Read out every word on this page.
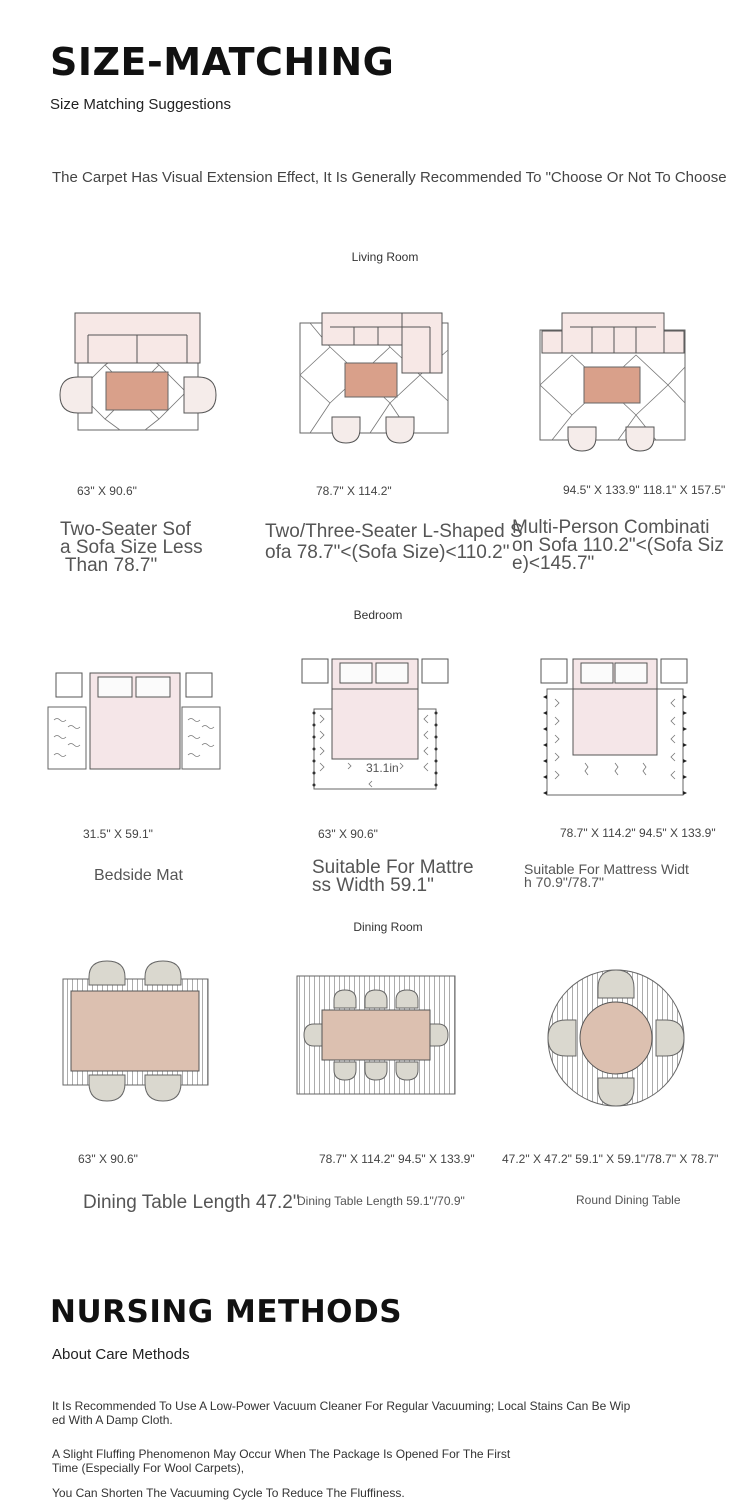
SIZE-MATCHING
Size Matching Suggestions
The Carpet Has Visual Extension Effect, It Is Generally Recommended To "Choose Or Not To Choose
Living Room
63" X 90.6"
Two-Seater Sof
a Sofa Size Less
Than 78.7"
78.7" X 114.2"
Two/Three-Seater L-Shaped S
ofa 78.7"<(Sofa Size)<110.2"
94.5" X 133.9" 118.1" X 157.5"
Multi-Person Combinati
on Sofa 110.2"<(Sofa Siz
e)<145.7"
Bedroom
31.5" X 59.1"
Bedside Mat
31.1in
63" X 90.6"
Suitable For Mattre
ss Width 59.1"
78.7" X 114.2" 94.5" X 133.9"
Suitable For Mattress Widt
h 70.9"/78.7"
Dining Room
63" X 90.6"
Dining Table Length 47.2"
78.7" X 114.2" 94.5" X 133.9"
Dining Table Length 59.1"/70.9"
47.2" X 47.2" 59.1" X 59.1"/78.7" X 78.7"
Round Dining Table
NURSING METHODS
About Care Methods
It Is Recommended To Use A Low-Power Vacuum Cleaner For Regular Vacuuming; Local Stains Can Be Wip
ed With A Damp Cloth.
A Slight Fluffing Phenomenon May Occur When The Package Is Opened For The First
Time (Especially For Wool Carpets),
You Can Shorten The Vacuuming Cycle To Reduce The Fluffiness.
